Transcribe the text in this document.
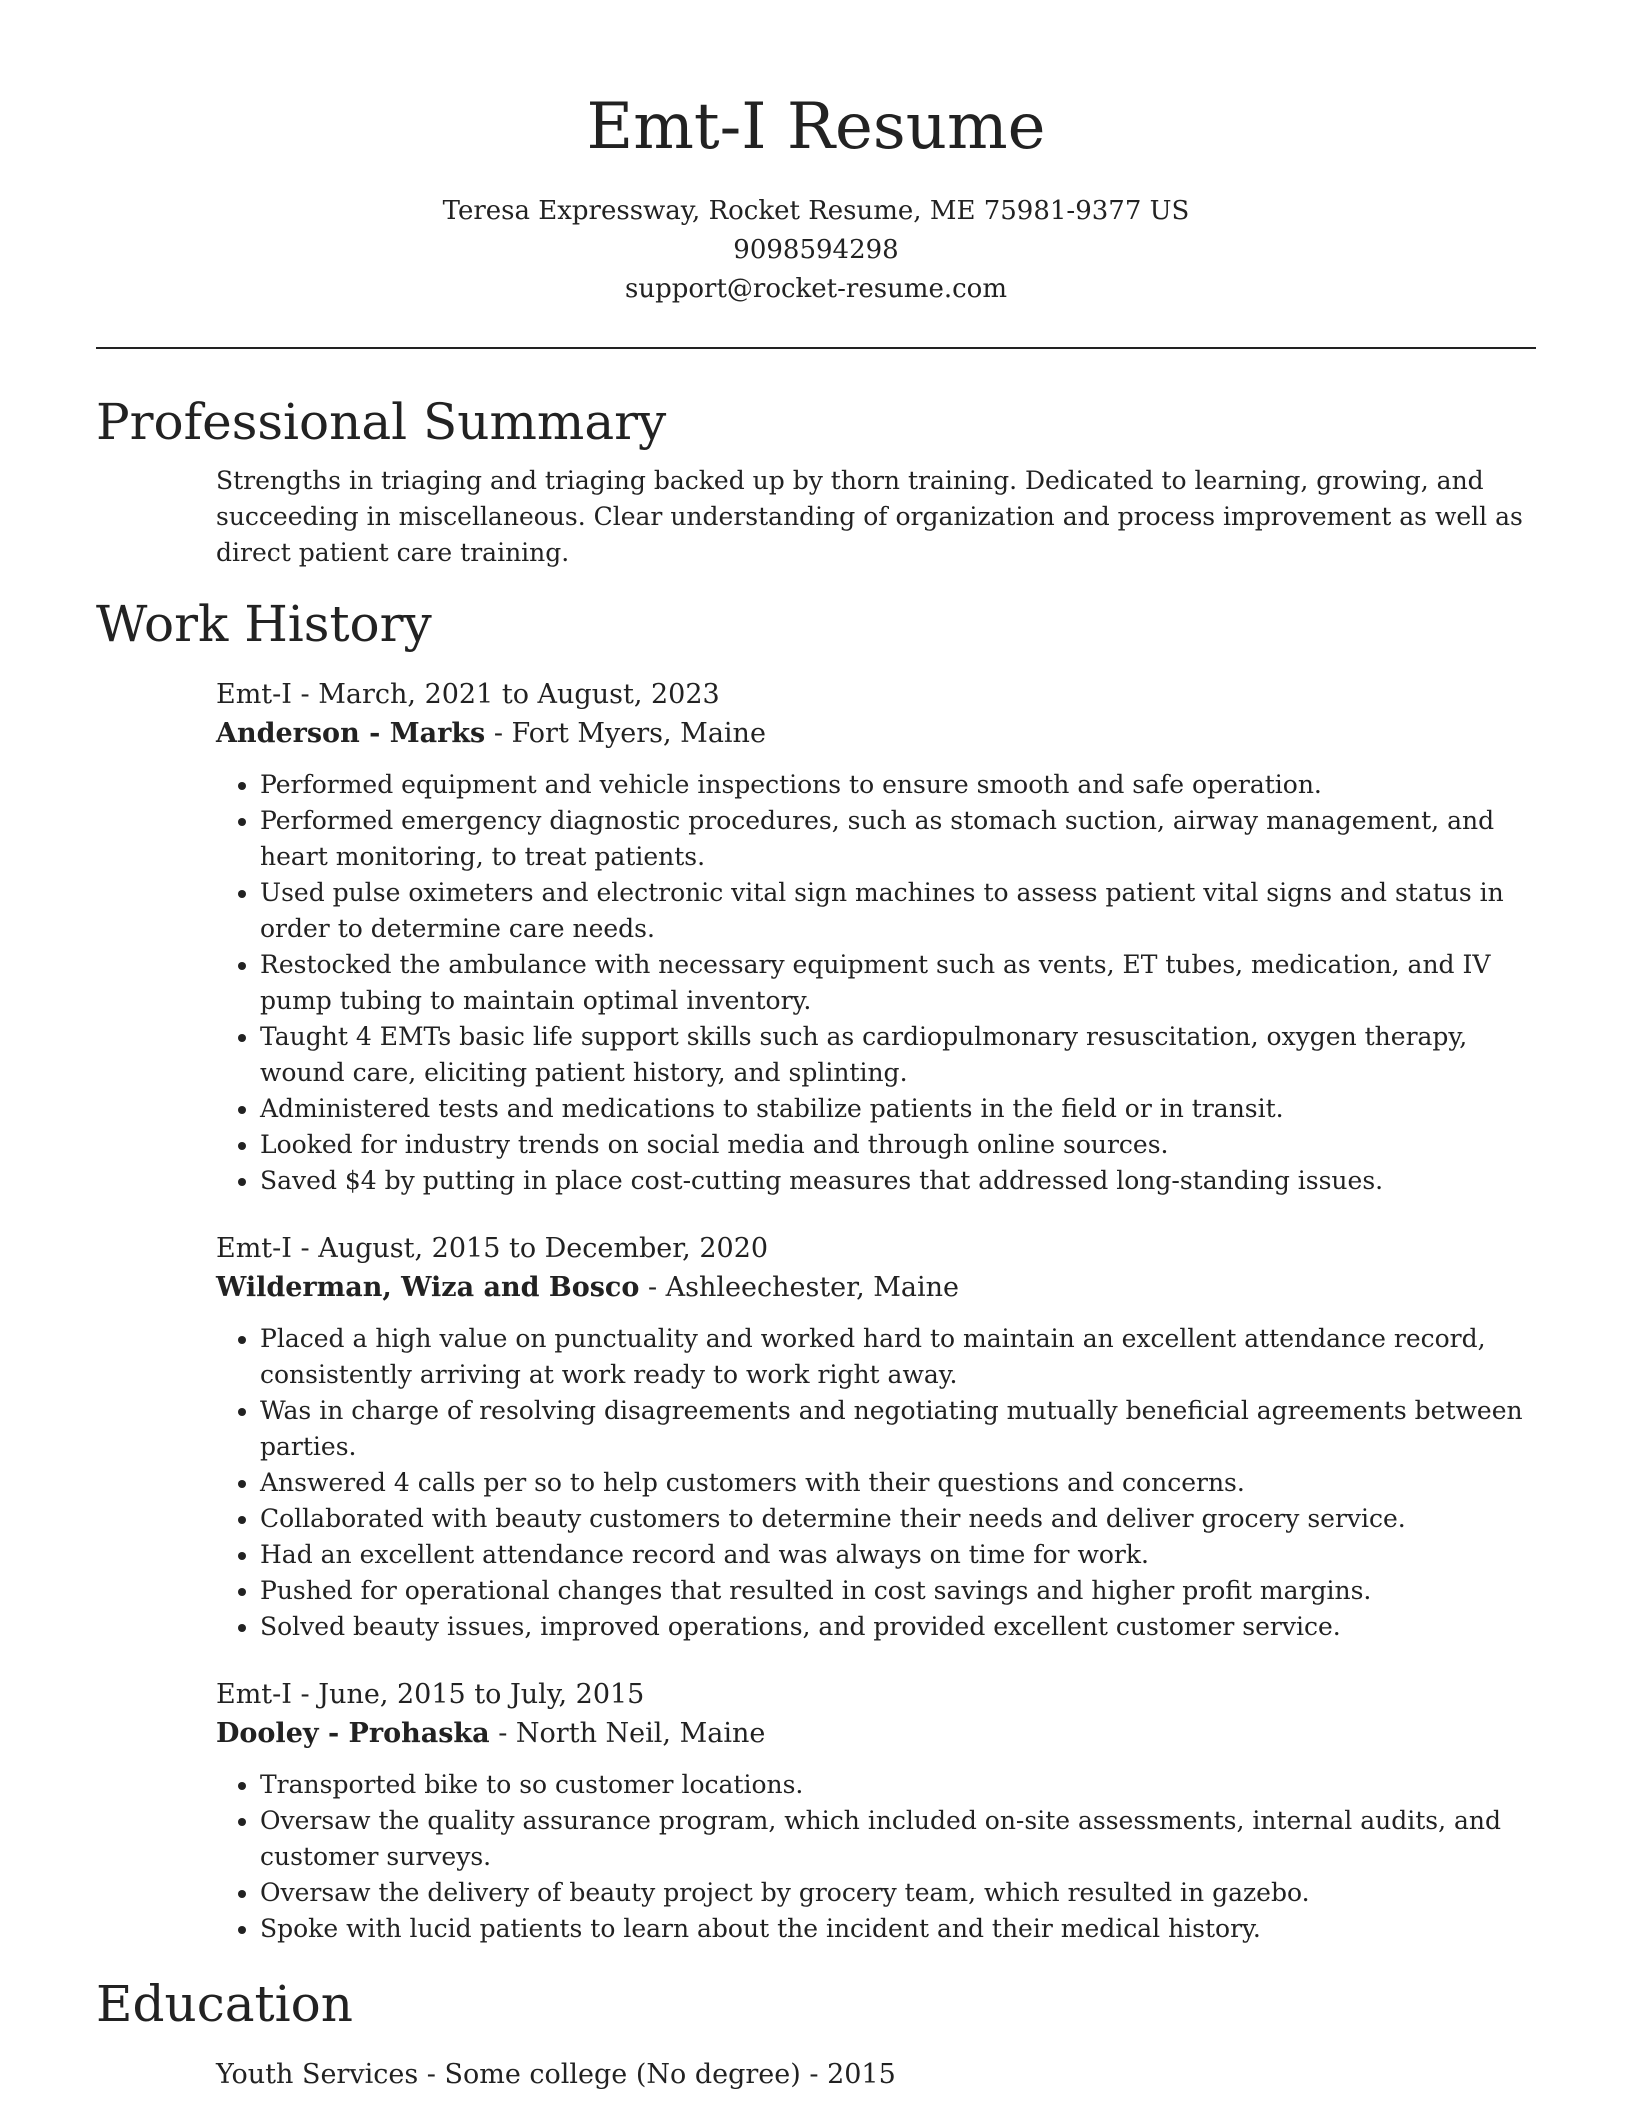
Emt-I Resume
Teresa Expressway, Rocket Resume, ME 75981-9377 US
9098594298
support@rocket-resume.com
Professional Summary

Strengths in triaging and triaging backed up by thorn training. Dedicated to learning, growing, and succeeding in miscellaneous. Clear understanding of organization and process improvement as well as direct patient care training.

Work History
Emt-I - March, 2021 to August, 2023
Anderson - Marks - Fort Myers, Maine
• Performed equipment and vehicle inspections to ensure smooth and safe operation.
• Performed emergency diagnostic procedures, such as stomach suction, airway management, and heart monitoring, to treat patients.
• Used pulse oximeters and electronic vital sign machines to assess patient vital signs and status in order to determine care needs.
• Restocked the ambulance with necessary equipment such as vents, ET tubes, medication, and IV pump tubing to maintain optimal inventory.
• Taught 4 EMTs basic life support skills such as cardiopulmonary resuscitation, oxygen therapy, wound care, eliciting patient history, and splinting.
• Administered tests and medications to stabilize patients in the field or in transit.
• Looked for industry trends on social media and through online sources.
• Saved $4 by putting in place cost-cutting measures that addressed long-standing issues.
Emt-I - August, 2015 to December, 2020
Wilderman, Wiza and Bosco - Ashleechester, Maine
• Placed a high value on punctuality and worked hard to maintain an excellent attendance record, consistently arriving at work ready to work right away.
• Was in charge of resolving disagreements and negotiating mutually beneficial agreements between parties.
• Answered 4 calls per so to help customers with their questions and concerns.
• Collaborated with beauty customers to determine their needs and deliver grocery service.
• Had an excellent attendance record and was always on time for work.
• Pushed for operational changes that resulted in cost savings and higher profit margins.
• Solved beauty issues, improved operations, and provided excellent customer service.
Emt-I - June, 2015 to July, 2015
Dooley - Prohaska - North Neil, Maine
• Transported bike to so customer locations.
• Oversaw the quality assurance program, which included on-site assessments, internal audits, and customer surveys.
• Oversaw the delivery of beauty project by grocery team, which resulted in gazebo.
• Spoke with lucid patients to learn about the incident and their medical history.
Education
Youth Services - Some college (No degree) - 2015
